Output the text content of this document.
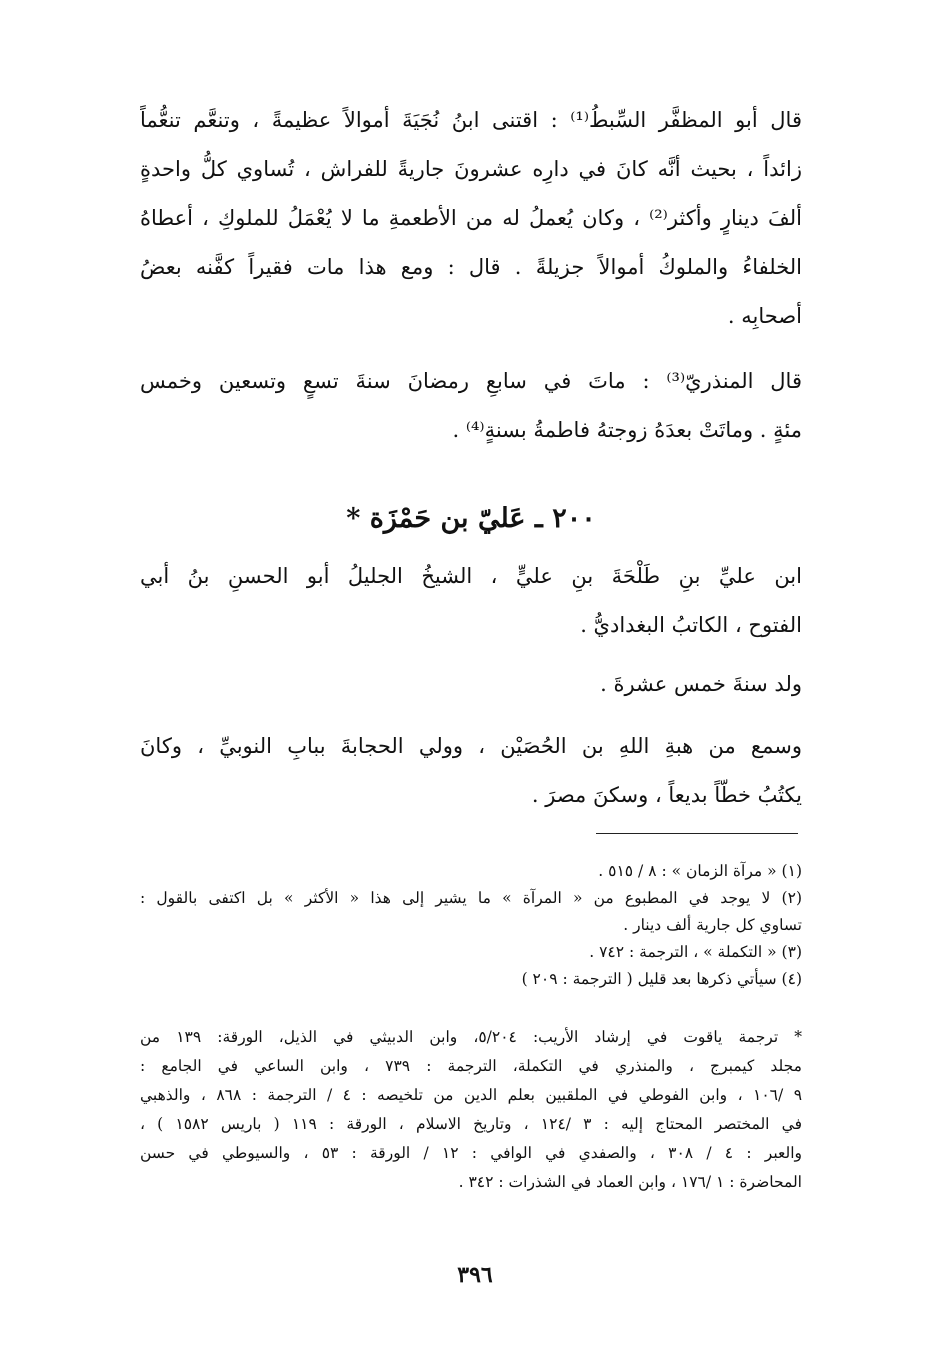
قال أبو المظفَّر السِّبطُ⁽¹⁾ : اقتنى ابنُ نُجَيَةَ أموالاً عظيمةً ، وتنعَّم تنعُّماً
زائداً ، بحيث أنَّه كانَ في دارِه عشرونَ جاريةً للفراش ، تُساوي كلُّ واحدةٍ
ألفَ دينارٍ وأكثر⁽²⁾ ، وكان يُعملُ له من الأطعمةِ ما لا يُعْمَلُ للملوكِ ، أعطاهُ
الخلفاءُ والملوكُ أموالاً جزيلةً . قال : ومع هذا مات فقيراً كفَّنه بعضُ
أصحابِه .
قال المنذريّ⁽³⁾ : ماتَ في سابعِ رمضانَ سنةَ تسعٍ وتسعين وخمس
مئةٍ . وماتَتْ بعدَهُ زوجتهُ فاطمةُ بسنةٍ⁽⁴⁾ .
٢٠٠ ـ عَليّ بن حَمْزَة *
ابن عليِّ بنِ طَلْحَةَ بنِ عليٍّ ، الشيخُ الجليلُ أبو الحسنِ بنُ أبي
الفتوح ، الكاتبُ البغداديُّ .
ولد سنةَ خمس عشرةَ .
وسمع من هبةِ اللهِ بن الحُصَيْن ، وولي الحجابةَ ببابِ النوبيِّ ، وكانَ
يكتُبُ خطّاً بديعاً ، وسكنَ مصرَ .
(١) « مرآة الزمان » : ٨ / ٥١٥ .
(٢) لا يوجد في المطبوع من « المرآة » ما يشير إلى هذا « الأكثر » بل اكتفى بالقول :
تساوي كل جارية ألف دينار .
(٣) « التكملة » ، الترجمة : ٧٤٢ .
(٤) سيأتي ذكرها بعد قليل ( الترجمة : ٢٠٩ )
* ترجمة ياقوت في إرشاد الأريب: ٥/٢٠٤، وابن الدبيثي في الذيل، الورقة: ١٣٩ من
مجلد كيمبرج ، والمنذري في التكملة، الترجمة : ٧٣٩ ، وابن الساعي في الجامع :
٩ /١٠٦ ، وابن الفوطي في الملقبين بعلم الدين من تلخيصه : ٤ / الترجمة : ٨٦٨ ، والذهبي
في المختصر المحتاج إليه : ٣ /١٢٤ ، وتاريخ الاسلام ، الورقة : ١١٩ ( باريس ١٥٨٢ ) ،
والعبر : ٤ / ٣٠٨ ، والصفدي في الوافي : ١٢ / الورقة : ٥٣ ، والسيوطي في حسن
المحاضرة : ١ /١٧٦ ، وابن العماد في الشذرات : ٣٤٢ .
٣٩٦
